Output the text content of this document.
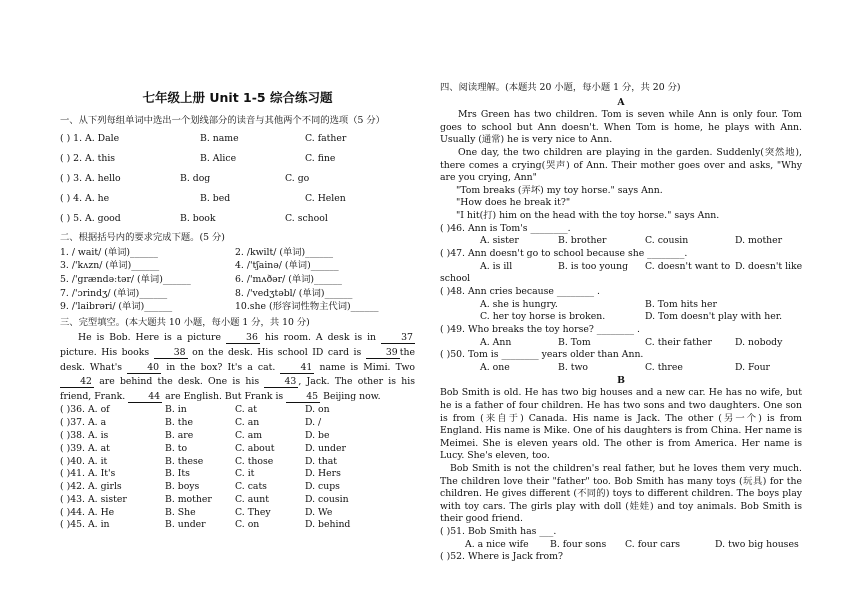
七年级上册 Unit 1-5 综合练习题
一、从下列每组单词中选出一个划线部分的读音与其他两个不同的选项（5 分）
( ) 1. A. Dale	B. name	C. father
( ) 2. A. this	B. Alice	C. fine
( ) 3. A. hello	B. dog	C. go
( ) 4. A. he	B. bed	C. Helen
( ) 5. A. good	B. book	C. school
二、根据括号内的要求完成下题。(5 分)
1. / wait/ (单词)______	2. /kwilt/ (单词)______
3. /'kʌzn/ (单词)______	4. /'tʃainə/ (单词)______
5. /'grændəːtər/ (单词)______	6. /'mʌðər/ (单词)______
7. /'ɔrindʒ/ (单词)______	8. /'vedʒtəbl/ (单词)______
9. /'laibrəri/ (单词)______	10.she (形容词性物主代词)______
三、完型填空。(本大题共 10 小题，每小题 1 分，共 10 分)

He is Bob. Here is a picture 36 his room. A desk is in 37 picture. His books 38 on the desk. His school ID card is 39 the desk. What's 40 in the box? It's a cat. 41 name is Mimi. Two 42 are behind the desk. One is his 43 , Jack. The other is his friend, Frank. 44 are English. But Frank is 45 Beijing now.

( )36. A. of	B. in	C. at	D. on
( )37. A. a	B. the	C. an	D. /
( )38. A. is	B. are	C. am	D. be
( )39. A. at	B. to	C. about	D. under
( )40. A. it	B. these	C. those	D. that
( )41. A. It's	B. Its	C. it	D. Hers
( )42. A. girls	B. boys	C. cats	D. cups
( )43. A. sister	B. mother C. aunt	D. cousin
( )44. A. He	B. She	C. They	D. We
( )45. A. in	B. under	C. on	D. behind
四、阅读理解。(本题共 20 小题，每小题 1 分，共 20 分)
A

Mrs Green has two children. Tom is seven while Ann is only four. Tom goes to school but Ann doesn't. When Tom is home, he plays with Ann. Usually (通常) he is very nice to Ann.

One day, the two children are playing in the garden. Suddenly(突然地), there comes a crying(哭声) of Ann. Their mother goes over and asks, "Why are you crying, Ann"

"Tom breaks (弄坏) my toy horse." says Ann.

"How does he break it?"

"I hit(打) him on the head with the toy horse." says Ann.

( )46. Ann is Tom's ________.
A. sister	B. brother	C. cousin	D. mother
( )47. Ann doesn't go to school because she ________.
A. is ill	B. is too young C. doesn't want to D. doesn't like
school
( )48. Ann cries because ________ .
A. she is hungry.	B. Tom hits her
C. her toy horse is broken.	D. Tom doesn't play with her.
( )49. Who breaks the toy horse? ________ .
A. Ann	B. Tom	C. their father D. nobody
( )50. Tom is ________ years older than Ann.
A. one	B. two	C. three	D. Four
B

Bob Smith is old. He has two big houses and a new car. He has no wife, but he is a father of four children. He has two sons and two daughters. One son is from (来自于) Canada. His name is Jack. The other (另一个) is from England. His name is Mike. One of his daughters is from China. Her name is Meimei. She is eleven years old. The other is from America. Her name is Lucy. She's eleven, too.

Bob Smith is not the children's real father, but he loves them very much. The children love their "father" too. Bob Smith has many toys (玩具) for the children. He gives different (不同的) toys to different children. The boys play with toy cars. The girls play with doll (娃娃) and toy animals. Bob Smith is their good friend.

( )51. Bob Smith has ___.
A. a nice wife B. four sons C. four cars	D. two big houses
( )52. Where is Jack from?
